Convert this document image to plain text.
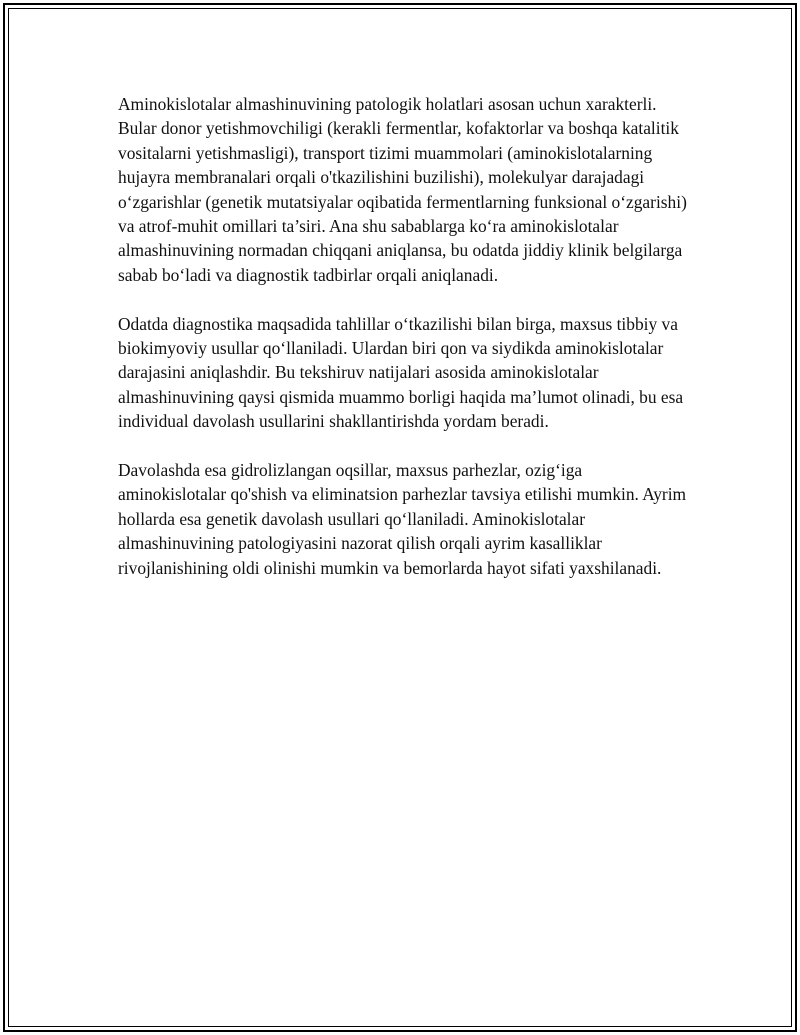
Aminokislotalar almashinuvining patologik holatlari asosan uchun xarakterli. Bular donor yetishmovchiligi (kerakli fermentlar, kofaktorlar va boshqa katalitik vositalarni yetishmasligi), transport tizimi muammolari (aminokislotalarning hujayra membranalari orqali o'tkazilishini buzilishi), molekulyar darajadagi o‘zgarishlar (genetik mutatsiyalar oqibatida fermentlarning funksional o‘zgarishi) va atrof-muhit omillari ta’siri. Ana shu sabablarga ko‘ra aminokislotalar almashinuvining normadan chiqqani aniqlansa, bu odatda jiddiy klinik belgilarga sabab bo‘ladi va diagnostik tadbirlar orqali aniqlanadi.

Odatda diagnostika maqsadida tahlillar o‘tkazilishi bilan birga, maxsus tibbiy va biokimyoviy usullar qo‘llaniladi. Ulardan biri qon va siydikda aminokislotalar darajasini aniqlashdir. Bu tekshiruv natijalari asosida aminokislotalar almashinuvining qaysi qismida muammo borligi haqida ma’lumot olinadi, bu esa individual davolash usullarini shakllantirishda yordam beradi.

Davolashda esa gidrolizlangan oqsillar, maxsus parhezlar, ozig‘iga aminokislotalar qo'shish va eliminatsion parhezlar tavsiya etilishi mumkin. Ayrim hollarda esa genetik davolash usullari qo‘llaniladi. Aminokislotalar almashinuvining patologiyasini nazorat qilish orqali ayrim kasalliklar rivojlanishining oldi olinishi mumkin va bemorlarda hayot sifati yaxshilanadi.
